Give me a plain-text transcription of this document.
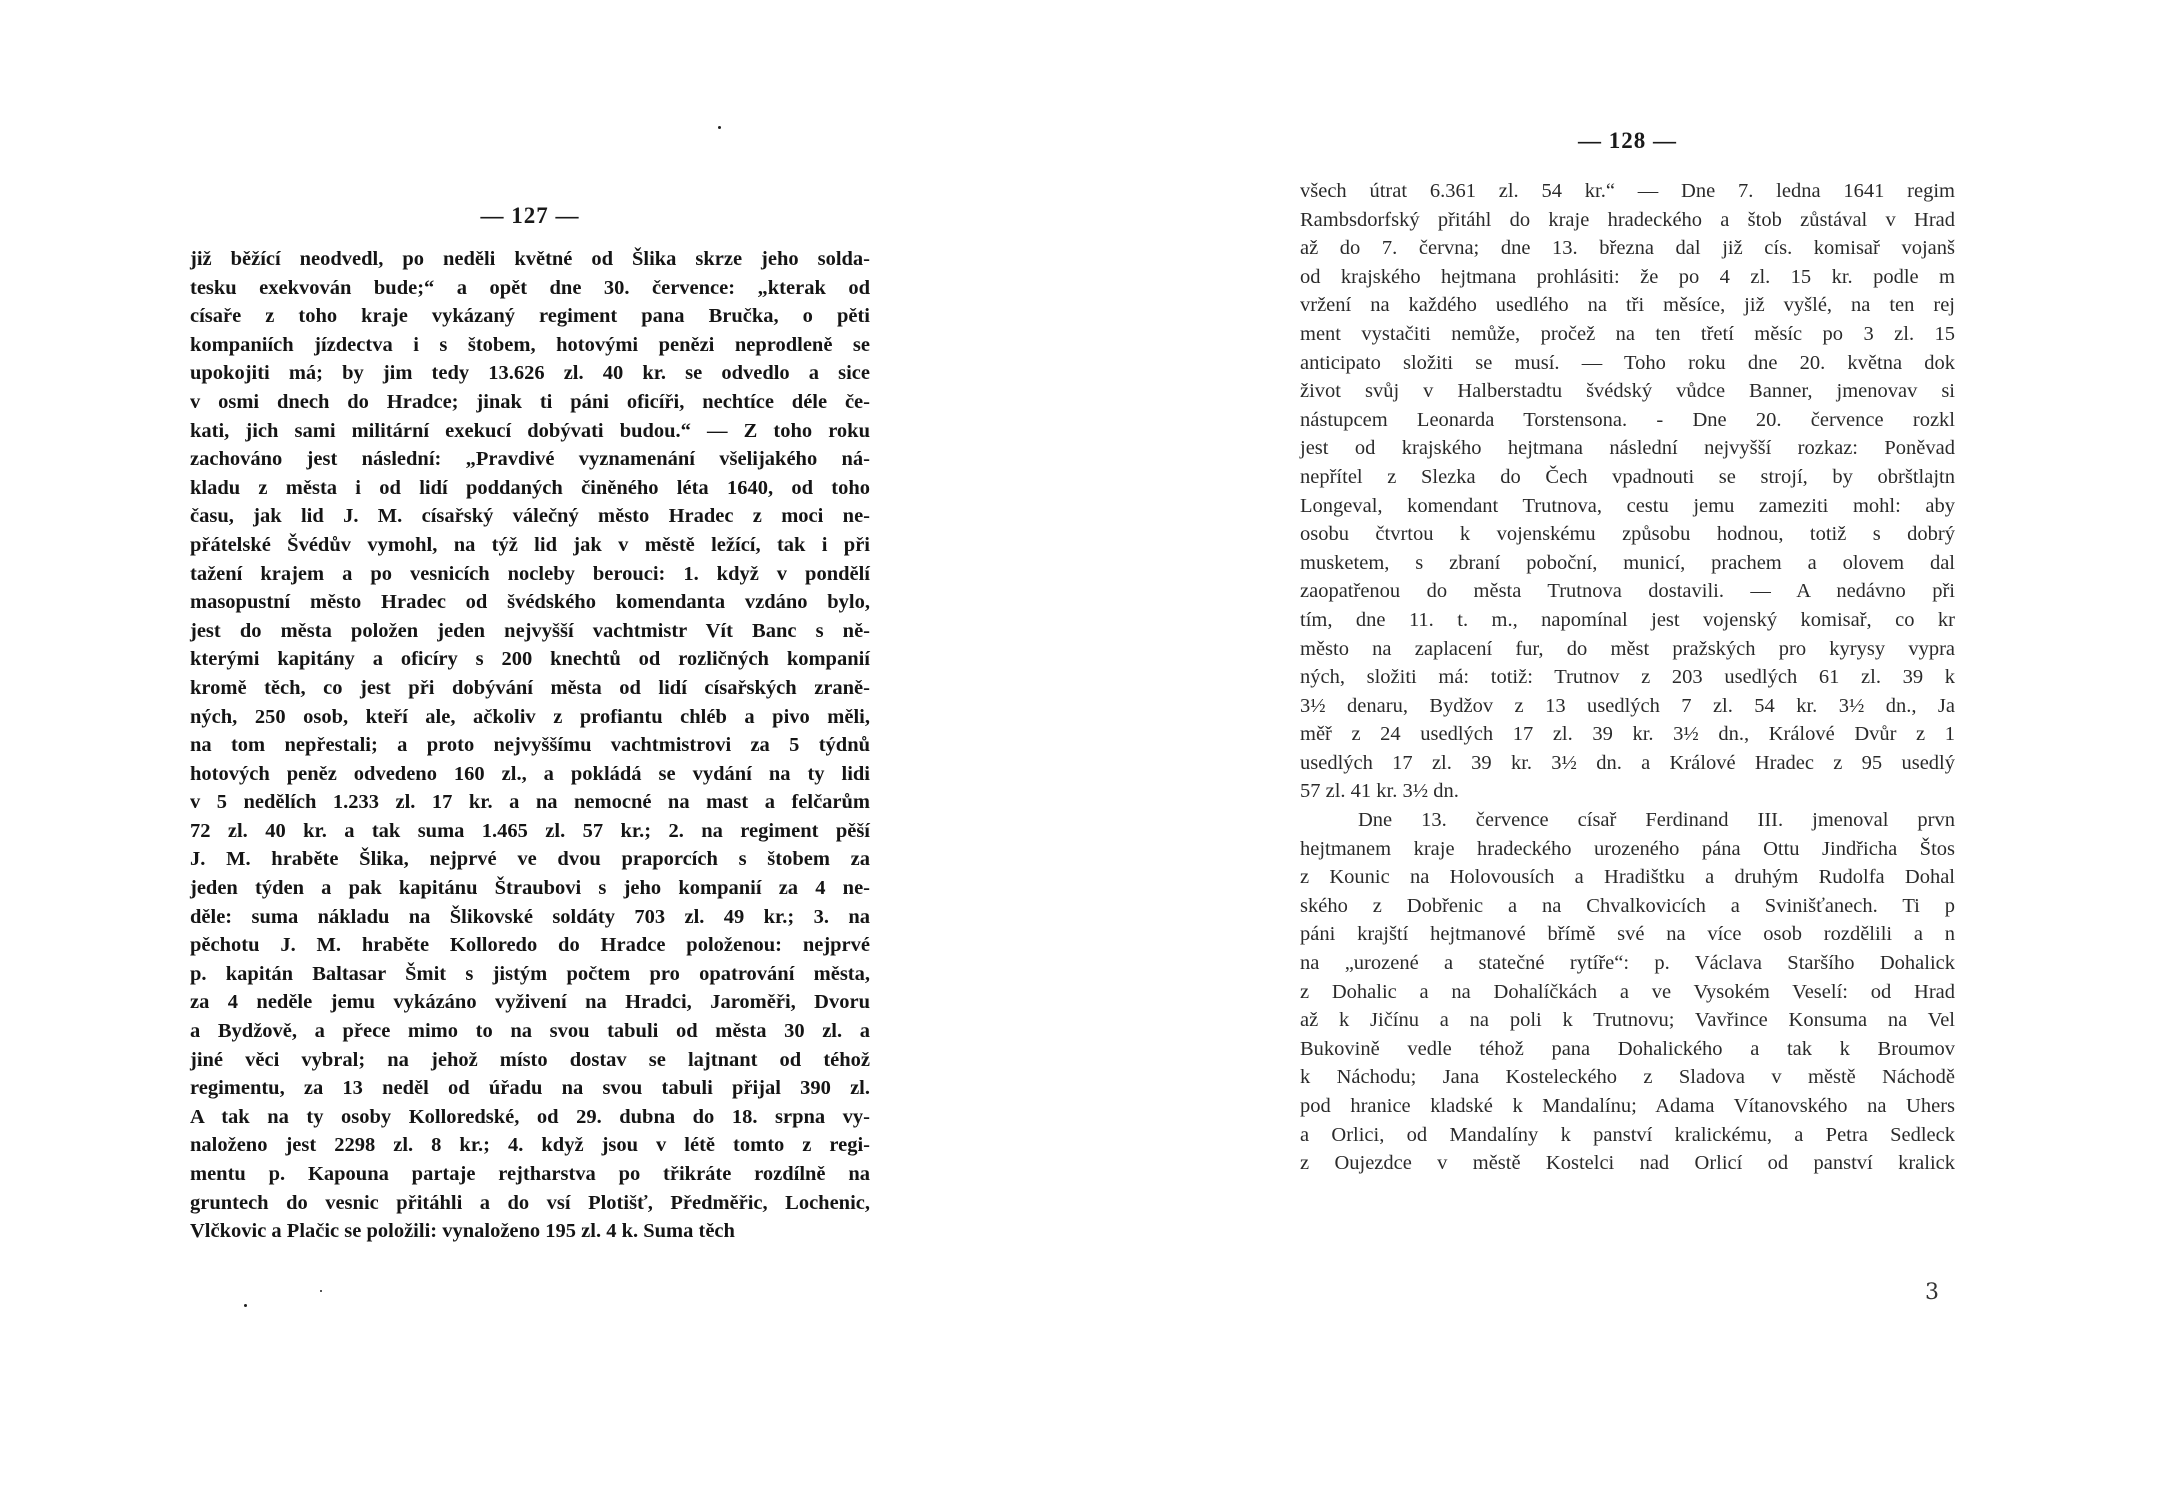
— 127 —
již běžící neodvedl, po neděli květné od Šlika skrze jeho solda-
tesku exekvován bude;“ a opět dne 30. července: „kterak od
císaře z toho kraje vykázaný regiment pana Bručka, o pěti
kompaniích jízdectva i s štobem, hotovými penězi neprodleně se
upokojiti má; by jim tedy 13.626 zl. 40 kr. se odvedlo a sice
v osmi dnech do Hradce; jinak ti páni oficíři, nechtíce déle če-
kati, jich sami militární exekucí dobývati budou.“ — Z toho roku
zachováno jest následní: „Pravdivé vyznamenání všelijakého ná-
kladu z města i od lidí poddaných činěného léta 1640, od toho
času, jak lid J. M. císařský válečný město Hradec z moci ne-
přátelské Švédův vymohl, na týž lid jak v městě ležící, tak i při
tažení krajem a po vesnicích nocleby berouci: 1. když v pondělí
masopustní město Hradec od švédského komendanta vzdáno bylo,
jest do města položen jeden nejvyšší vachtmistr Vít Banc s ně-
kterými kapitány a oficíry s 200 knechtů od rozličných kompanií
kromě těch, co jest při dobývání města od lidí císařských zraně-
ných, 250 osob, kteří ale, ačkoliv z profiantu chléb a pivo měli,
na tom nepřestali; a proto nejvyššímu vachtmistrovi za 5 týdnů
hotových peněz odvedeno 160 zl., a pokládá se vydání na ty lidi
v 5 nedělích 1.233 zl. 17 kr. a na nemocné na mast a felčarům
72 zl. 40 kr. a tak suma 1.465 zl. 57 kr.; 2. na regiment pěší
J. M. hraběte Šlika, nejprvé ve dvou praporcích s štobem za
jeden týden a pak kapitánu Štraubovi s jeho kompanií za 4 ne-
děle: suma nákladu na Šlikovské soldáty 703 zl. 49 kr.; 3. na
pěchotu J. M. hraběte Kolloredo do Hradce položenou: nejprvé
p. kapitán Baltasar Šmit s jistým počtem pro opatrování města,
za 4 neděle jemu vykázáno vyživení na Hradci, Jaroměři, Dvoru
a Bydžově, a přece mimo to na svou tabuli od města 30 zl. a
jiné věci vybral; na jehož místo dostav se lajtnant od téhož
regimentu, za 13 neděl od úřadu na svou tabuli přijal 390 zl.
A tak na ty osoby Kolloredské, od 29. dubna do 18. srpna vy-
naloženo jest 2298 zl. 8 kr.; 4. když jsou v létě tomto z regi-
mentu p. Kapouna partaje rejtharstva po třikráte rozdílně na
gruntech do vesnic přitáhli a do vsí Plotišť, Předměřic, Lochenic,
Vlčkovic a Plačic se položili: vynaloženo 195 zl. 4 k. Suma těch
— 128 —
všech útrat 6.361 zl. 54 kr.“ — Dne 7. ledna 1641 regim
Rambsdorfský přitáhl do kraje hradeckého a štob zůstával v Hrad
až do 7. června; dne 13. března dal již cís. komisař vojanš
od krajského hejtmana prohlásiti: že po 4 zl. 15 kr. podle m
vržení na každého usedlého na tři měsíce, již vyšlé, na ten rej
ment vystačiti nemůže, pročež na ten třetí měsíc po 3 zl. 15
anticipato složiti se musí. — Toho roku dne 20. května dok
život svůj v Halberstadtu švédský vůdce Banner, jmenovav si
nástupcem Leonarda Torstensona. - Dne 20. července rozkl
jest od krajského hejtmana následní nejvyšší rozkaz: Poněvad
nepřítel z Slezka do Čech vpadnouti se strojí, by obrštlajtn
Longeval, komendant Trutnova, cestu jemu zameziti mohl: aby
osobu čtvrtou k vojenskému způsobu hodnou, totiž s dobrý
musketem, s zbraní poboční, municí, prachem a olovem dal
zaopatřenou do města Trutnova dostavili. — A nedávno při
tím, dne 11. t. m., napomínal jest vojenský komisař, co kr
město na zaplacení fur, do měst pražských pro kyrysy vypra
ných, složiti má: totiž: Trutnov z 203 usedlých 61 zl. 39 k
3½ denaru, Bydžov z 13 usedlých 7 zl. 54 kr. 3½ dn., Ja
měř z 24 usedlých 17 zl. 39 kr. 3½ dn., Králové Dvůr z 1
usedlých 17 zl. 39 kr. 3½ dn. a Králové Hradec z 95 usedlý
57 zl. 41 kr. 3½ dn.
Dne 13. července císař Ferdinand III. jmenoval prvn
hejtmanem kraje hradeckého urozeného pána Ottu Jindřicha Štos
z Kounic na Holovousích a Hradištku a druhým Rudolfa Dohal
ského z Dobřenic a na Chvalkovicích a Svinišťanech. Ti p
páni krajští hejtmanové břímě své na více osob rozdělili a n
na „urozené a statečné rytíře“: p. Václava Staršího Dohalick
z Dohalic a na Dohalíčkách a ve Vysokém Veselí: od Hrad
až k Jičínu a na poli k Trutnovu; Vavřince Konsuma na Vel
Bukovině vedle téhož pana Dohalického a tak k Broumov
k Náchodu; Jana Kosteleckého z Sladova v městě Náchodě
pod hranice kladské k Mandalínu; Adama Vítanovského na Uhers
a Orlici, od Mandalíny k panství kralickému, a Petra Sedleck
z Oujezdce v městě Kostelci nad Orlicí od panství kralick
3
